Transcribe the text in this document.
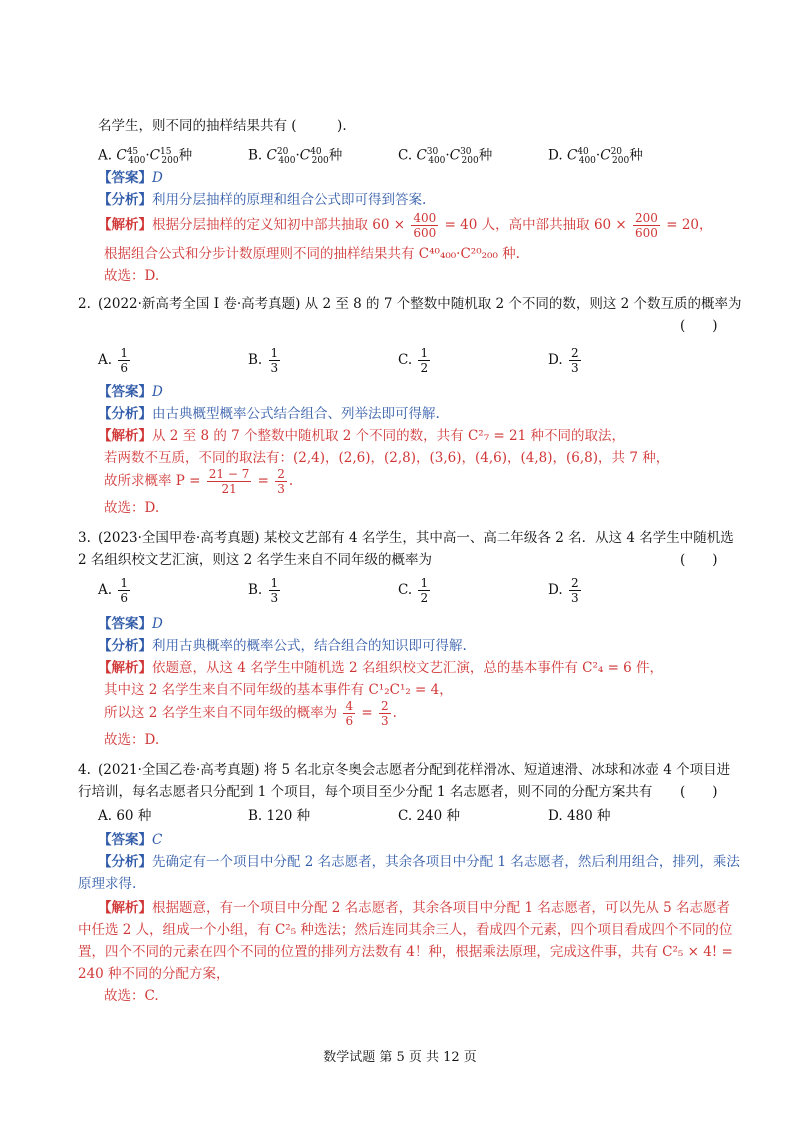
名学生，则不同的抽样结果共有 (　　　).
A. $C^{45}_{400}\cdot C^{15}_{200}$种	B. $C^{20}_{400}\cdot C^{40}_{200}$种	C. $C^{30}_{400}\cdot C^{30}_{200}$种	D. $C^{40}_{400}\cdot C^{20}_{200}$种
【答案】D
【分析】利用分层抽样的原理和组合公式即可得到答案.
【解析】根据分层抽样的定义知初中部共抽取 $60 \times \frac{400}{600} = 40$ 人，高中部共抽取 $60 \times \frac{200}{600} = 20$，
根据组合公式和分步计数原理则不同的抽样结果共有 C⁴⁰₄₀₀·C²⁰₂₀₀ 种.
故选：D.
2. (2022·新高考全国 Ⅰ 卷·高考真题) 从 2 至 8 的 7 个整数中随机取 2 个不同的数，则这 2 个数互质的概率为
(　　)
A. $\frac{1}{6}$	B. $\frac{1}{3}$	C. $\frac{1}{2}$	D. $\frac{2}{3}$
【答案】D
【分析】由古典概型概率公式结合组合、列举法即可得解.
【解析】从 2 至 8 的 7 个整数中随机取 2 个不同的数，共有 C²₇ = 21 种不同的取法，
若两数不互质，不同的取法有：(2,4)，(2,6)，(2,8)，(3,6)，(4,6)，(4,8)，(6,8)，共 7 种，
故所求概率 $P = \frac{21 - 7}{21} = \frac{2}{3}$ .
故选：D.
3. (2023·全国甲卷·高考真题) 某校文艺部有 4 名学生，其中高一、高二年级各 2 名．从这 4 名学生中随机选
2 名组织校文艺汇演，则这 2 名学生来自不同年级的概率为	(　　)
A. $\frac{1}{6}$	B. $\frac{1}{3}$	C. $\frac{1}{2}$	D. $\frac{2}{3}$
【答案】D
【分析】利用古典概率的概率公式，结合组合的知识即可得解.
【解析】依题意，从这 4 名学生中随机选 2 名组织校文艺汇演，总的基本事件有 C²₄ = 6 件，
其中这 2 名学生来自不同年级的基本事件有 C¹₂C¹₂ = 4，
所以这 2 名学生来自不同年级的概率为 $\frac{4}{6} = \frac{2}{3}$ .
故选：D.
4. (2021·全国乙卷·高考真题) 将 5 名北京冬奥会志愿者分配到花样滑冰、短道速滑、冰球和冰壶 4 个项目进
行培训，每名志愿者只分配到 1 个项目，每个项目至少分配 1 名志愿者，则不同的分配方案共有 (　　)
A. 60 种	B. 120 种	C. 240 种	D. 480 种
【答案】C
【分析】先确定有一个项目中分配 2 名志愿者，其余各项目中分配 1 名志愿者，然后利用组合，排列，乘法
原理求得.
【解析】根据题意，有一个项目中分配 2 名志愿者，其余各项目中分配 1 名志愿者，可以先从 5 名志愿者
中任选 2 人，组成一个小组，有 C²₅ 种选法；然后连同其余三人，看成四个元素，四个项目看成四个不同的位
置，四个不同的元素在四个不同的位置的排列方法数有 4！种，根据乘法原理，完成这件事，共有 C²₅ × 4! =
240 种不同的分配方案，
故选：C.
数学试题 第 5 页 共 12 页
